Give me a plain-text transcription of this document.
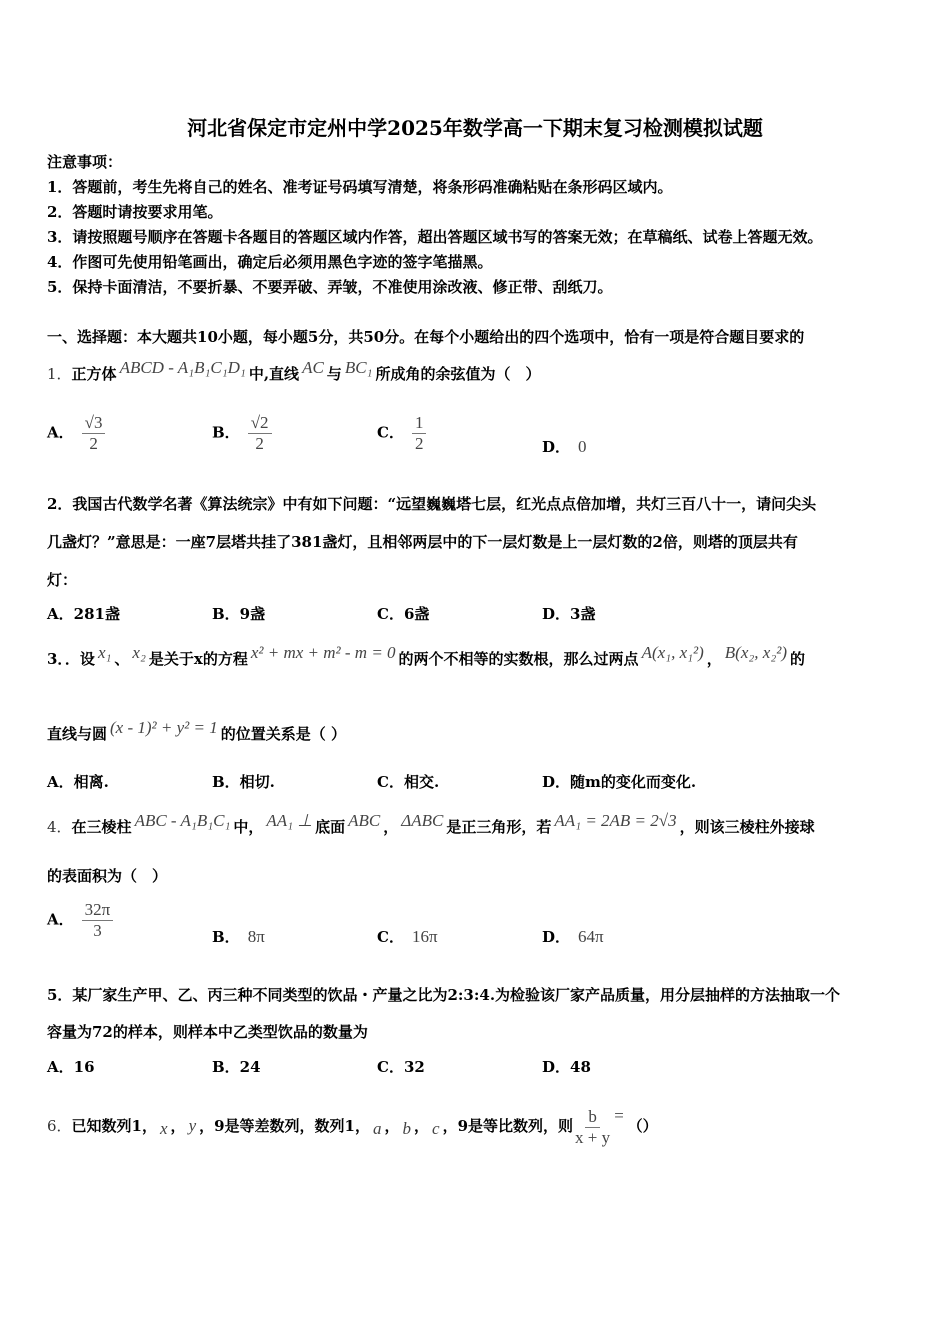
河北省保定市定州中学2025年数学高一下期末复习检测模拟试题
注意事项：
1．答题前，考生先将自己的姓名、准考证号码填写清楚，将条形码准确粘贴在条形码区域内。
2．答题时请按要求用笔。
3．请按照题号顺序在答题卡各题目的答题区域内作答，超出答题区域书写的答案无效；在草稿纸、试卷上答题无效。
4．作图可先使用铅笔画出，确定后必须用黑色字迹的签字笔描黑。
5．保持卡面清洁，不要折暴、不要弄破、弄皱，不准使用涂改液、修正带、刮纸刀。
一、选择题：本大题共10小题，每小题5分，共50分。在每个小题给出的四个选项中，恰有一项是符合题目要求的
1．正方体 ABCD - A₁B₁C₁D₁ 中,直线 AC 与 BC₁ 所成角的余弦值为（　）
A． $\frac{√3}{2}$	B． $\frac{√2}{2}$	C． $\frac{1}{2}$	D． 0
2．我国古代数学名著《算法统宗》中有如下问题：“远望巍巍塔七层，红光点点倍加增，共灯三百八十一，请问尖头
几盏灯？”意思是：一座7层塔共挂了381盏灯，且相邻两层中的下一层灯数是上一层灯数的2倍，则塔的顶层共有
灯：
A．281盏	B．9盏	C．6盏	D．3盏
3．．设 x₁ 、 x₂ 是关于x的方程 x² + mx + m² - m = 0 的两个不相等的实数根，那么过两点 A(x₁, x₁²) ， B(x₂, x₂²) 的
直线与圆 (x - 1)² + y² = 1 的位置关系是（ ）
A．相离.	B．相切.	C．相交.	D．随m的变化而变化.
4．在三棱柱 ABC - A₁B₁C₁ 中， AA₁ ⊥ 底面 ABC ， ΔABC 是正三角形，若 AA₁ = 2AB = 2√3 ，则该三棱柱外接球
的表面积为（　）
A． $\frac{32\pi}{3}$	B． 8π	C． 16π	D． 64π
5．某厂家生产甲、乙、丙三种不同类型的饮品・产量之比为2:3:4.为检验该厂家产品质量，用分层抽样的方法抽取一个
容量为72的样本，则样本中乙类型饮品的数量为
A．16	B．24	C．32	D．48
6．已知数列1， x ， y ，9是等差数列，数列1， a ， b ， c ，9是等比数列，则 $\frac{b}{x + y}$ =（）
